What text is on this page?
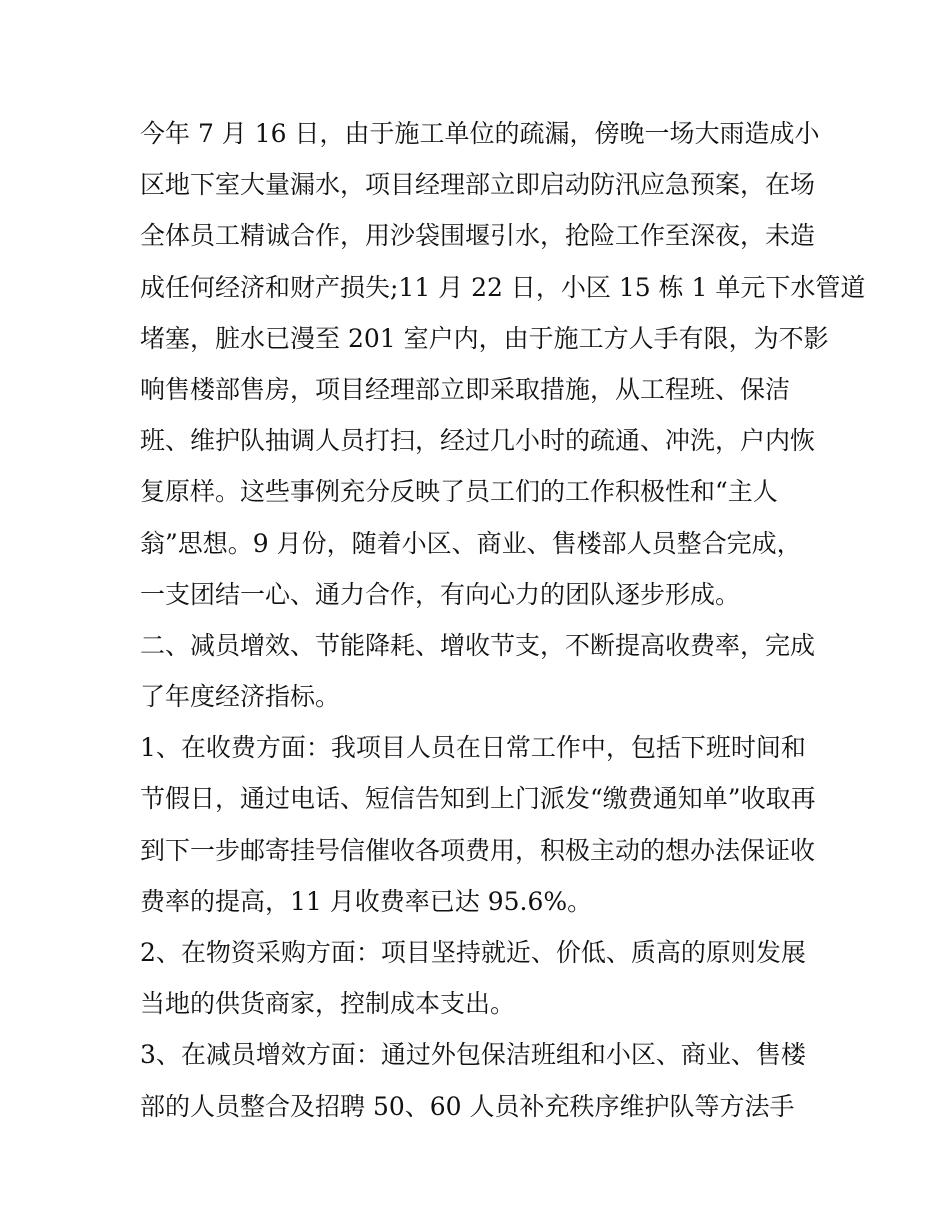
今年 7 月 16 日，由于施工单位的疏漏，傍晚一场大雨造成小
区地下室大量漏水，项目经理部立即启动防汛应急预案，在场
全体员工精诚合作，用沙袋围堰引水，抢险工作至深夜，未造
成任何经济和财产损失;11 月 22 日，小区 15 栋 1 单元下水管道
堵塞，脏水已漫至 201 室户内，由于施工方人手有限，为不影
响售楼部售房，项目经理部立即采取措施，从工程班、保洁
班、维护队抽调人员打扫，经过几小时的疏通、冲洗，户内恢
复原样。这些事例充分反映了员工们的工作积极性和“主人
翁”思想。9 月份，随着小区、商业、售楼部人员整合完成，
一支团结一心、通力合作，有向心力的团队逐步形成。
二、减员增效、节能降耗、增收节支，不断提高收费率，完成
了年度经济指标。
1、在收费方面：我项目人员在日常工作中，包括下班时间和
节假日，通过电话、短信告知到上门派发“缴费通知单”收取再
到下一步邮寄挂号信催收各项费用，积极主动的想办法保证收
费率的提高，11 月收费率已达 95.6%。
2、在物资采购方面：项目坚持就近、价低、质高的原则发展
当地的供货商家，控制成本支出。
3、在减员增效方面：通过外包保洁班组和小区、商业、售楼
部的人员整合及招聘 50、60 人员补充秩序维护队等方法手
